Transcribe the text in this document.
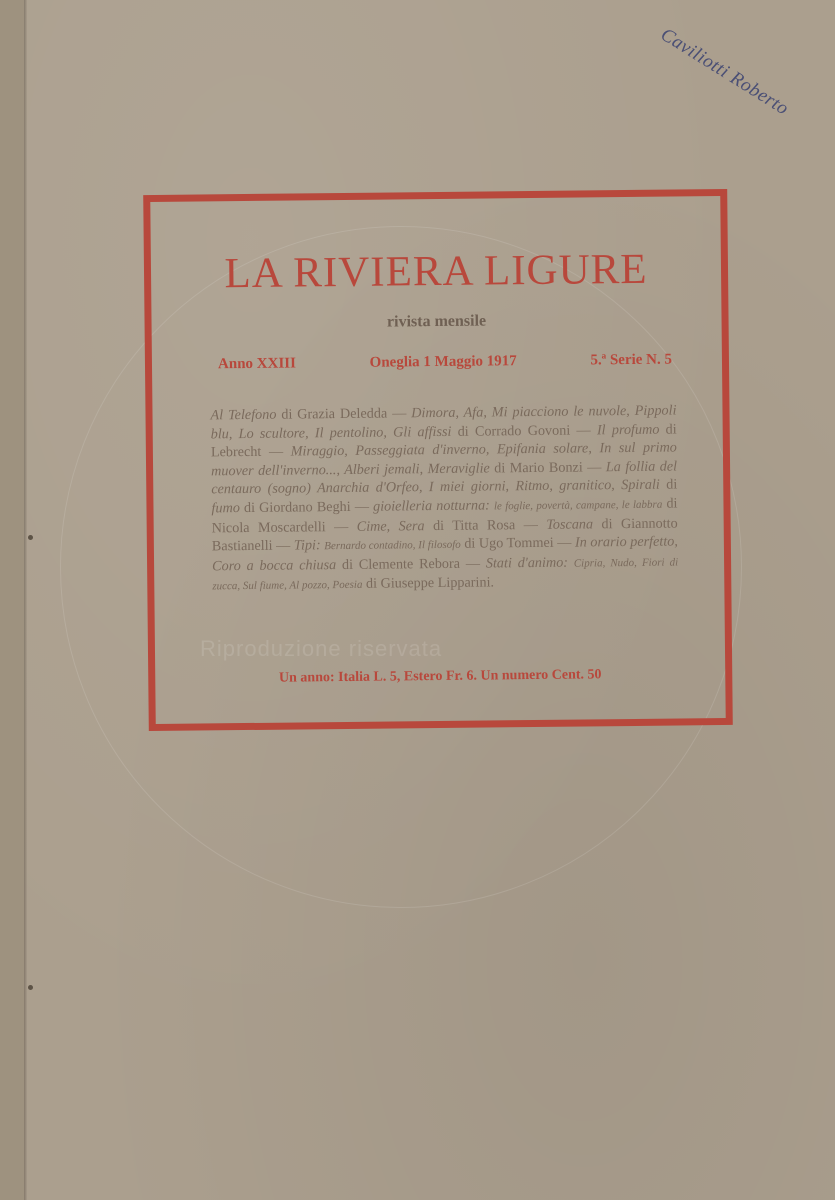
Riproduzione riservata
Caviliotti Roberto
LA RIVIERA LIGURE
rivista mensile
Anno XXIII	Oneglia 1 Maggio 1917	5.ª Serie N. 5
Al Telefono di Grazia Deledda — Dimora, Afa, Mi piacciono le nuvole, Pippoli blu, Lo scultore, Il pentolino, Gli affissi di Corrado Govoni — Il profumo di Lebrecht — Miraggio, Passeggiata d'inverno, Epifania solare, In sul primo muover dell'inverno..., Alberi jemali, Meraviglie di Mario Bonzi — La follia del centauro (sogno) Anarchia d'Orfeo, I miei giorni, Ritmo, granitico, Spirali di fumo di Giordano Beghi — gioielleria notturna: le foglie, povertà, campane, le labbra di Nicola Moscardelli — Cime, Sera di Titta Rosa — Toscana di Giannotto Bastianelli — Tipi: Bernardo contadino, Il filosofo di Ugo Tommei — In orario perfetto, Coro a bocca chiusa di Clemente Rebora — Stati d'animo: Cipria, Nudo, Fiori di zucca, Sul fiume, Al pozzo, Poesia di Giuseppe Lipparini.
Un anno: Italia L. 5, Estero Fr. 6. Un numero Cent. 50
